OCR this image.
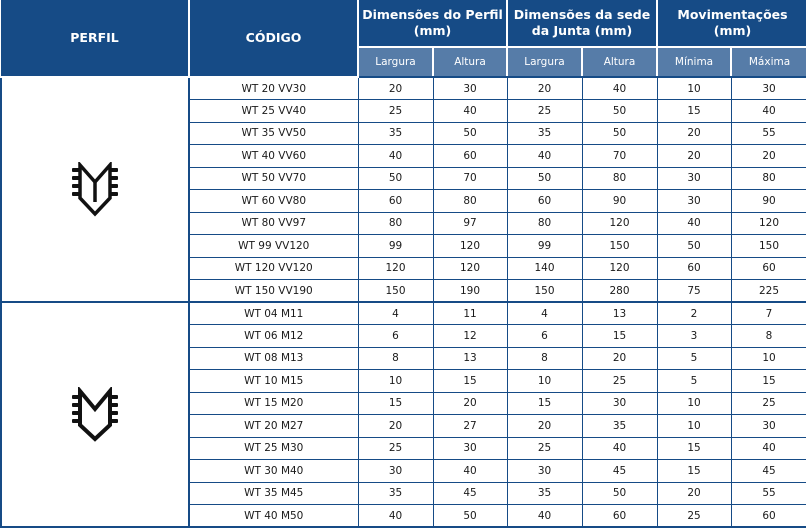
PERFIL	CÓDIGO	Dimensões do Perfil (mm)		Dimensões da sede da Junta (mm)		Movimentações (mm)	
		Largura	Altura	Largura	Altura	Mínima	Máxima

	WT 20 VV30	20	30	20	40	10	30
	WT 25 VV40	25	40	25	50	15	40
	WT 35 VV50	35	50	35	50	20	55
	WT 40 VV60	40	60	40	70	20	20
	WT 50 VV70	50	70	50	80	30	80
	WT 60 VV80	60	80	60	90	30	90
	WT 80 VV97	80	97	80	120	40	120
	WT 99 VV120	99	120	99	150	50	150
	WT 120 VV120	120	120	140	120	60	60
	WT 150 VV190	150	190	150	280	75	225

	WT 04 M11	4	11	4	13	2	7
	WT 06 M12	6	12	6	15	3	8
	WT 08 M13	8	13	8	20	5	10
	WT 10 M15	10	15	10	25	5	15
	WT 15 M20	15	20	15	30	10	25
	WT 20 M27	20	27	20	35	10	30
	WT 25 M30	25	30	25	40	15	40
	WT 30 M40	30	40	30	45	15	45
	WT 35 M45	35	45	35	50	20	55
	WT 40 M50	40	50	40	60	25	60
